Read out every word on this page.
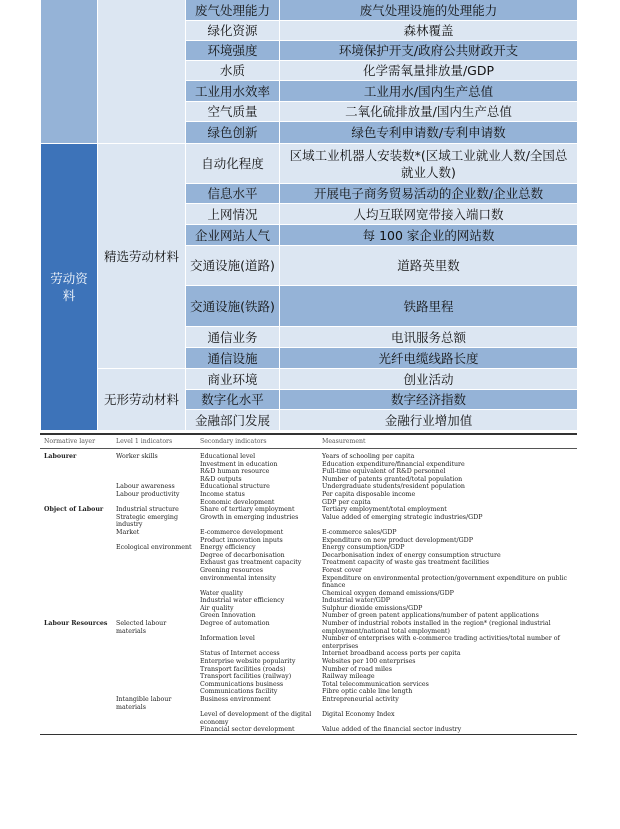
		废气处理能力	废气处理设施的处理能力
		绿化资源	森林覆盖
		环境强度	环境保护开支/政府公共财政开支
		水质	化学需氧量排放量/GDP
		工业用水效率	工业用水/国内生产总值
		空气质量	二氧化硫排放量/国内生产总值
		绿色创新	绿色专利申请数/专利申请数
劳动资料	精选劳动材料	自动化程度	区域工业机器人安装数*(区域工业就业人数/全国总就业人数)
		信息水平	开展电子商务贸易活动的企业数/企业总数
		上网情况	人均互联网宽带接入端口数
		企业网站人气	每 100 家企业的网站数
		交通设施(道路)	道路英里数
		交通设施(铁路)	铁路里程
		通信业务	电讯服务总额
		通信设施	光纤电缆线路长度
	无形劳动材料	商业环境	创业活动
		数字化水平	数字经济指数
		金融部门发展	金融行业增加值
Normative layer	Level 1 indicators	Secondary indicators	Measurement
Labourer	Worker skills	Educational level	Years of schooling per capita
		Investment in education	Education expenditure/financial expenditure
		R&D human resource	Full-time equivalent of R&D personnel
		R&D outputs	Number of patents granted/total population
	Labour awareness	Educational structure	Undergraduate students/resident population
	Labour productivity	Income status	Per capita disposable income
		Economic development	GDP per capita
Object of Labour	Industrial structure	Share of tertiary employment	Tertiary employment/total employment
	Strategic emerging industry	Growth in emerging industries	Value added of emerging strategic industries/GDP
	Market	E-commerce development	E-commerce sales/GDP
		Product innovation inputs	Expenditure on new product development/GDP
	Ecological environment	Energy efficiency	Energy consumption/GDP
		Degree of decarbonisation	Decarbonisation index of energy consumption structure
		Exhaust gas treatment capacity	Treatment capacity of waste gas treatment facilities
		Greening resources	Forest cover
		environmental intensity	Expenditure on environmental protection/government expenditure on public finance
		Water quality	Chemical oxygen demand emissions/GDP
		Industrial water efficiency	Industrial water/GDP
		Air quality	Sulphur dioxide emissions/GDP
		Green Innovation	Number of green patent applications/number of patent applications
Labour Resources	Selected labour materials	Degree of automation	Number of industrial robots installed in the region* (regional industrial employment/national total employment)
		Information level	Number of enterprises with e-commerce trading activities/total number of enterprises
		Status of Internet access	Internet broadband access ports per capita
		Enterprise website popularity	Websites per 100 enterprises
		Transport facilities (roads)	Number of road miles
		Transport facilities (railway)	Railway mileage
		Communications business	Total telecommunication services
		Communications facility	Fibre optic cable line length
	Intangible labour materials	Business environment	Entrepreneurial activity
		Level of development of the digital economy	Digital Economy Index
		Financial sector development	Value added of the financial sector industry
